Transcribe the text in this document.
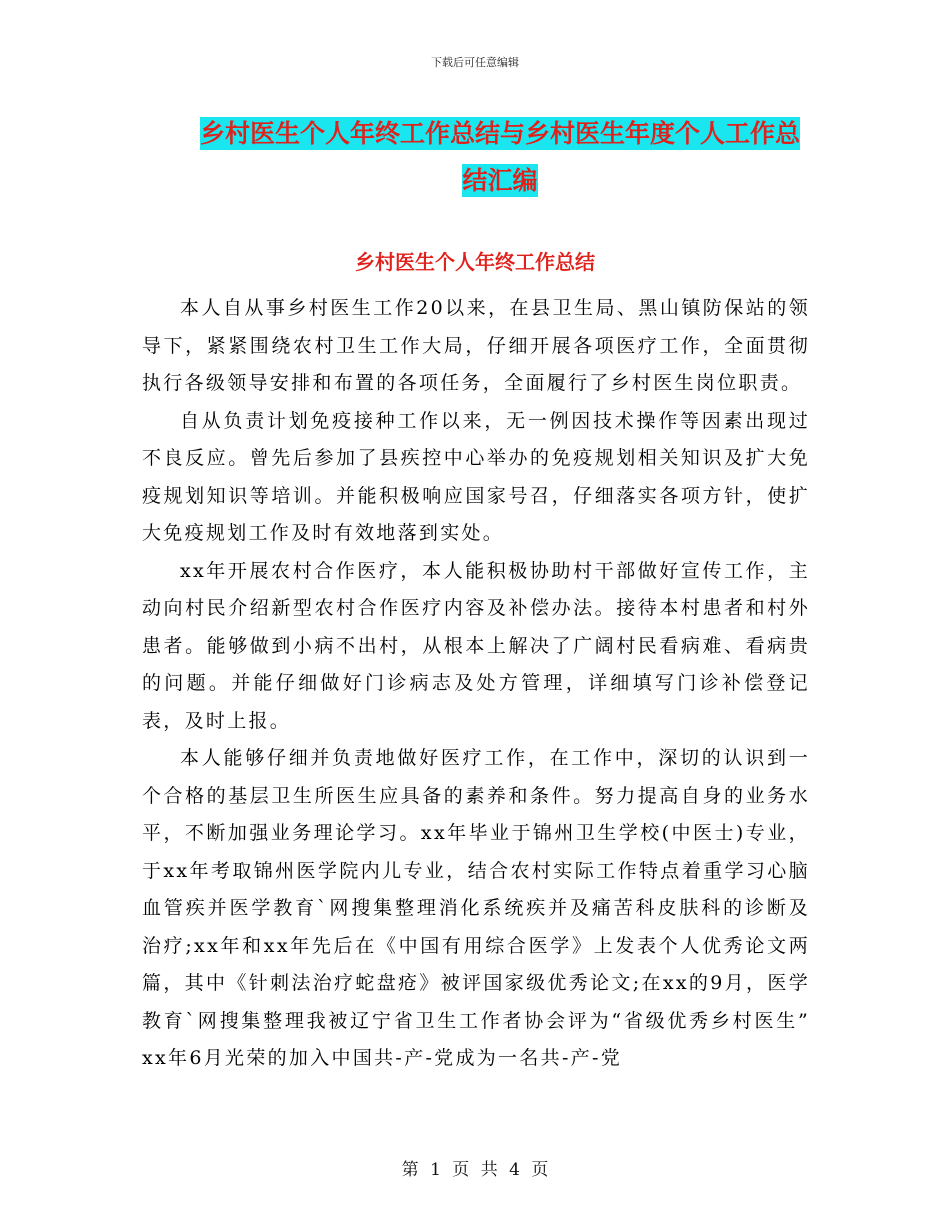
下载后可任意编辑
乡村医生个人年终工作总结与乡村医生年度个人工作总结汇编
乡村医生个人年终工作总结

本人自从事乡村医生工作20以来，在县卫生局、黑山镇防保站的领导下，紧紧围绕农村卫生工作大局，仔细开展各项医疗工作，全面贯彻执行各级领导安排和布置的各项任务，全面履行了乡村医生岗位职责。

自从负责计划免疫接种工作以来，无一例因技术操作等因素出现过不良反应。曾先后参加了县疾控中心举办的免疫规划相关知识及扩大免疫规划知识等培训。并能积极响应国家号召，仔细落实各项方针，使扩大免疫规划工作及时有效地落到实处。

xx年开展农村合作医疗，本人能积极协助村干部做好宣传工作，主动向村民介绍新型农村合作医疗内容及补偿办法。接待本村患者和村外患者。能够做到小病不出村，从根本上解决了广阔村民看病难、看病贵的问题。并能仔细做好门诊病志及处方管理，详细填写门诊补偿登记表，及时上报。

本人能够仔细并负责地做好医疗工作，在工作中，深切的认识到一个合格的基层卫生所医生应具备的素养和条件。努力提高自身的业务水平，不断加强业务理论学习。xx年毕业于锦州卫生学校(中医士)专业，于xx年考取锦州医学院内儿专业，结合农村实际工作特点着重学习心脑血管疾并医学教育`网搜集整理消化系统疾并及痛苦科皮肤科的诊断及治疗;xx年和xx年先后在《中国有用综合医学》上发表个人优秀论文两篇，其中《针刺法治疗蛇盘疮》被评国家级优秀论文;在xx的9月，医学教育`网搜集整理我被辽宁省卫生工作者协会评为“省级优秀乡村医生” xx年6月光荣的加入中国共-产-党成为一名共-产-党

第 1 页 共 4 页
